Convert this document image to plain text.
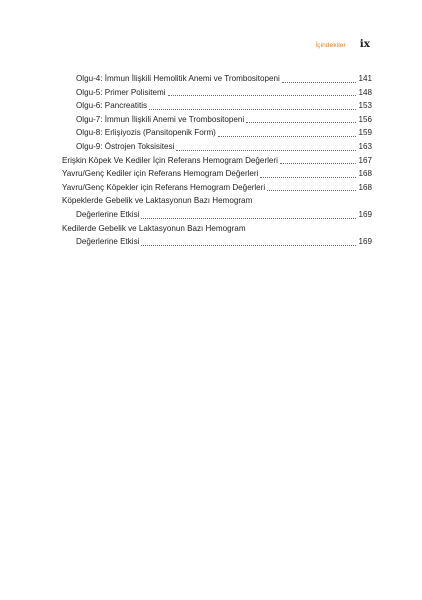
İçindekiler ix
Olgu-4: İmmun İlişkili Hemolitik Anemi ve Trombositopeni	141
Olgu-5: Primer Polisitemi	148
Olgu-6: Pancreatitis	153
Olgu-7: İmmun İlişkili Anemi ve Trombositopeni	156
Olgu-8: Erlişiyozis (Pansitopenik Form)	159
Olgu-9: Östrojen Toksisitesi	163
Erişkin Köpek Ve Kediler İçin Referans Hemogram Değerleri	167
Yavru/Genç Kediler için Referans Hemogram Değerleri	168
Yavru/Genç Köpekler için Referans Hemogram Değerleri	168
Köpeklerde Gebelik ve Laktasyonun Bazı Hemogram
Değerlerine Etkisi	169
Kedilerde Gebelik ve Laktasyonun Bazı Hemogram
Değerlerine Etkisi	169
